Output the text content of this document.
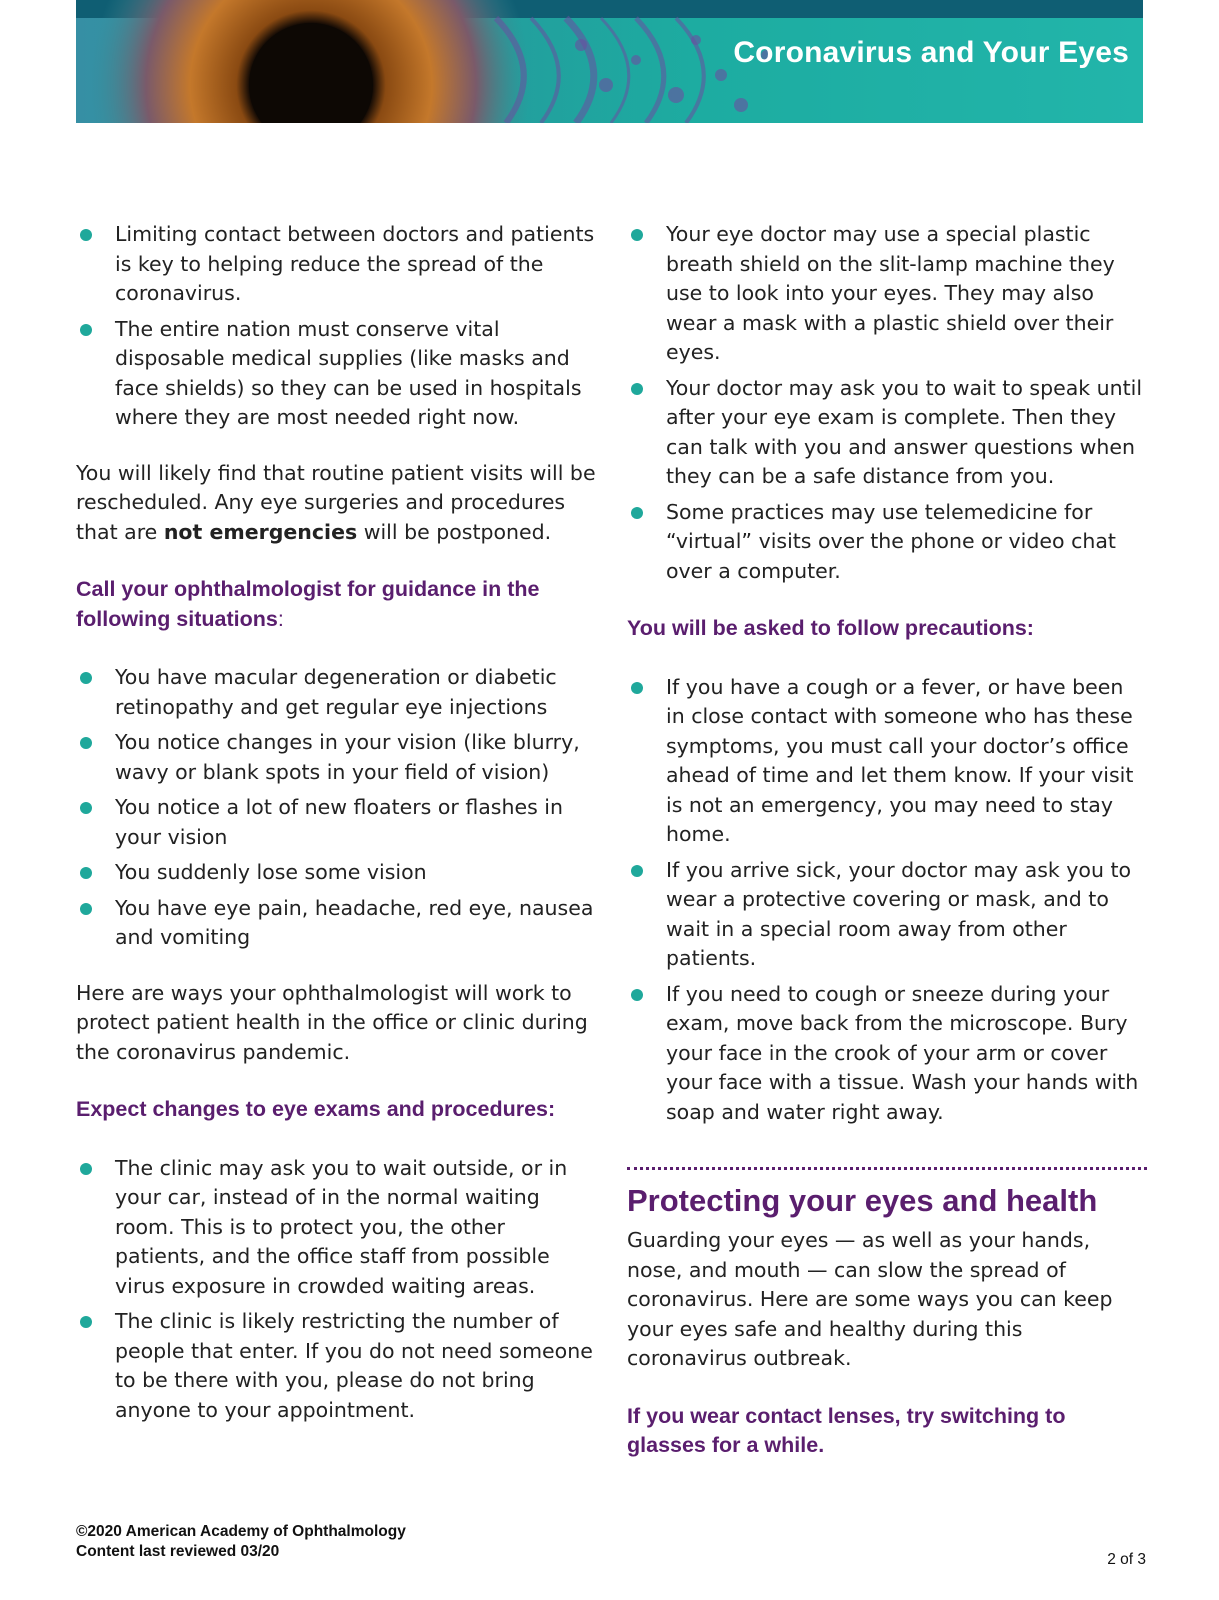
Coronavirus and Your Eyes
Limiting contact between doctors and patients is key to helping reduce the spread of the coronavirus.
The entire nation must conserve vital disposable medical supplies (like masks and face shields) so they can be used in hospitals where they are most needed right now.

You will likely find that routine patient visits will be rescheduled. Any eye surgeries and procedures that are not emergencies will be postponed.

Call your ophthalmologist for guidance in the following situations:

You have macular degeneration or diabetic retinopathy and get regular eye injections
You notice changes in your vision (like blurry, wavy or blank spots in your field of vision)
You notice a lot of new floaters or flashes in your vision
You suddenly lose some vision
You have eye pain, headache, red eye, nausea and vomiting

Here are ways your ophthalmologist will work to protect patient health in the office or clinic during the coronavirus pandemic.

Expect changes to eye exams and procedures:

The clinic may ask you to wait outside, or in your car, instead of in the normal waiting room. This is to protect you, the other patients, and the office staff from possible virus exposure in crowded waiting areas.
The clinic is likely restricting the number of people that enter. If you do not need someone to be there with you, please do not bring anyone to your appointment.
Your eye doctor may use a special plastic breath shield on the slit-lamp machine they use to look into your eyes. They may also wear a mask with a plastic shield over their eyes.
Your doctor may ask you to wait to speak until after your eye exam is complete. Then they can talk with you and answer questions when they can be a safe distance from you.
Some practices may use telemedicine for “virtual” visits over the phone or video chat over a computer.

You will be asked to follow precautions:

If you have a cough or a fever, or have been in close contact with someone who has these symptoms, you must call your doctor’s office ahead of time and let them know. If your visit is not an emergency, you may need to stay home.
If you arrive sick, your doctor may ask you to wear a protective covering or mask, and to wait in a special room away from other patients.
If you need to cough or sneeze during your exam, move back from the microscope. Bury your face in the crook of your arm or cover your face with a tissue. Wash your hands with soap and water right away.
Protecting your eyes and health

Guarding your eyes — as well as your hands, nose, and mouth — can slow the spread of coronavirus. Here are some ways you can keep your eyes safe and healthy during this coronavirus outbreak.

If you wear contact lenses, try switching to glasses for a while.

©2020 American Academy of Ophthalmology
Content last reviewed 03/20	2 of 3
